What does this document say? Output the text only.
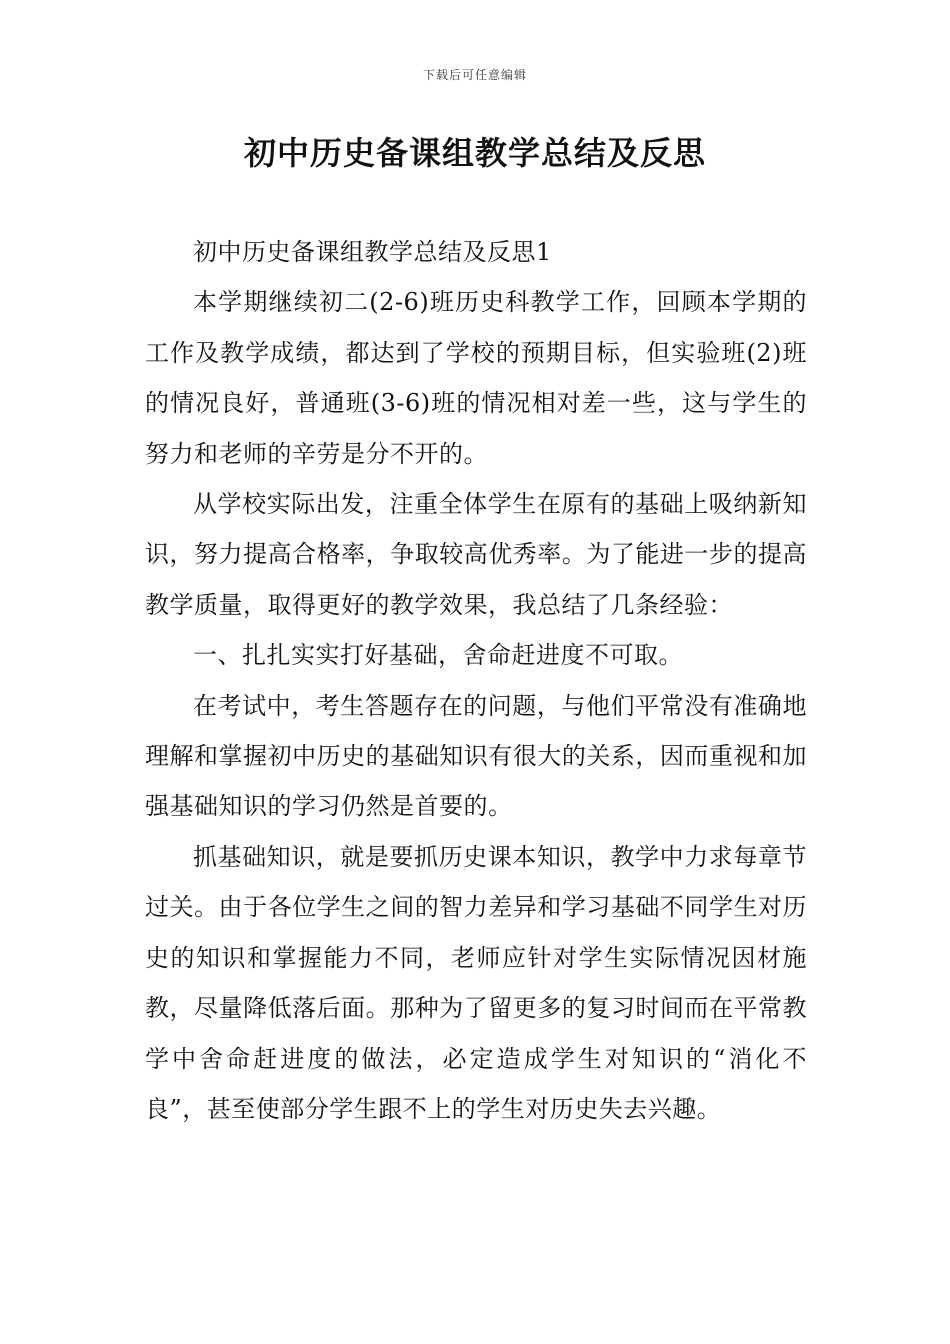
下载后可任意编辑
初中历史备课组教学总结及反思

初中历史备课组教学总结及反思1

本学期继续初二(2-6)班历史科教学工作，回顾本学期的工作及教学成绩，都达到了学校的预期目标，但实验班(2)班的情况良好，普通班(3-6)班的情况相对差一些，这与学生的努力和老师的辛劳是分不开的。

从学校实际出发，注重全体学生在原有的基础上吸纳新知识，努力提高合格率，争取较高优秀率。为了能进一步的提高教学质量，取得更好的教学效果，我总结了几条经验：

一、扎扎实实打好基础，舍命赶进度不可取。

在考试中，考生答题存在的问题，与他们平常没有准确地理解和掌握初中历史的基础知识有很大的关系，因而重视和加强基础知识的学习仍然是首要的。

抓基础知识，就是要抓历史课本知识，教学中力求每章节过关。由于各位学生之间的智力差异和学习基础不同学生对历史的知识和掌握能力不同，老师应针对学生实际情况因材施教，尽量降低落后面。那种为了留更多的复习时间而在平常教学中舍命赶进度的做法，必定造成学生对知识的“消化不良”，甚至使部分学生跟不上的学生对历史失去兴趣。
